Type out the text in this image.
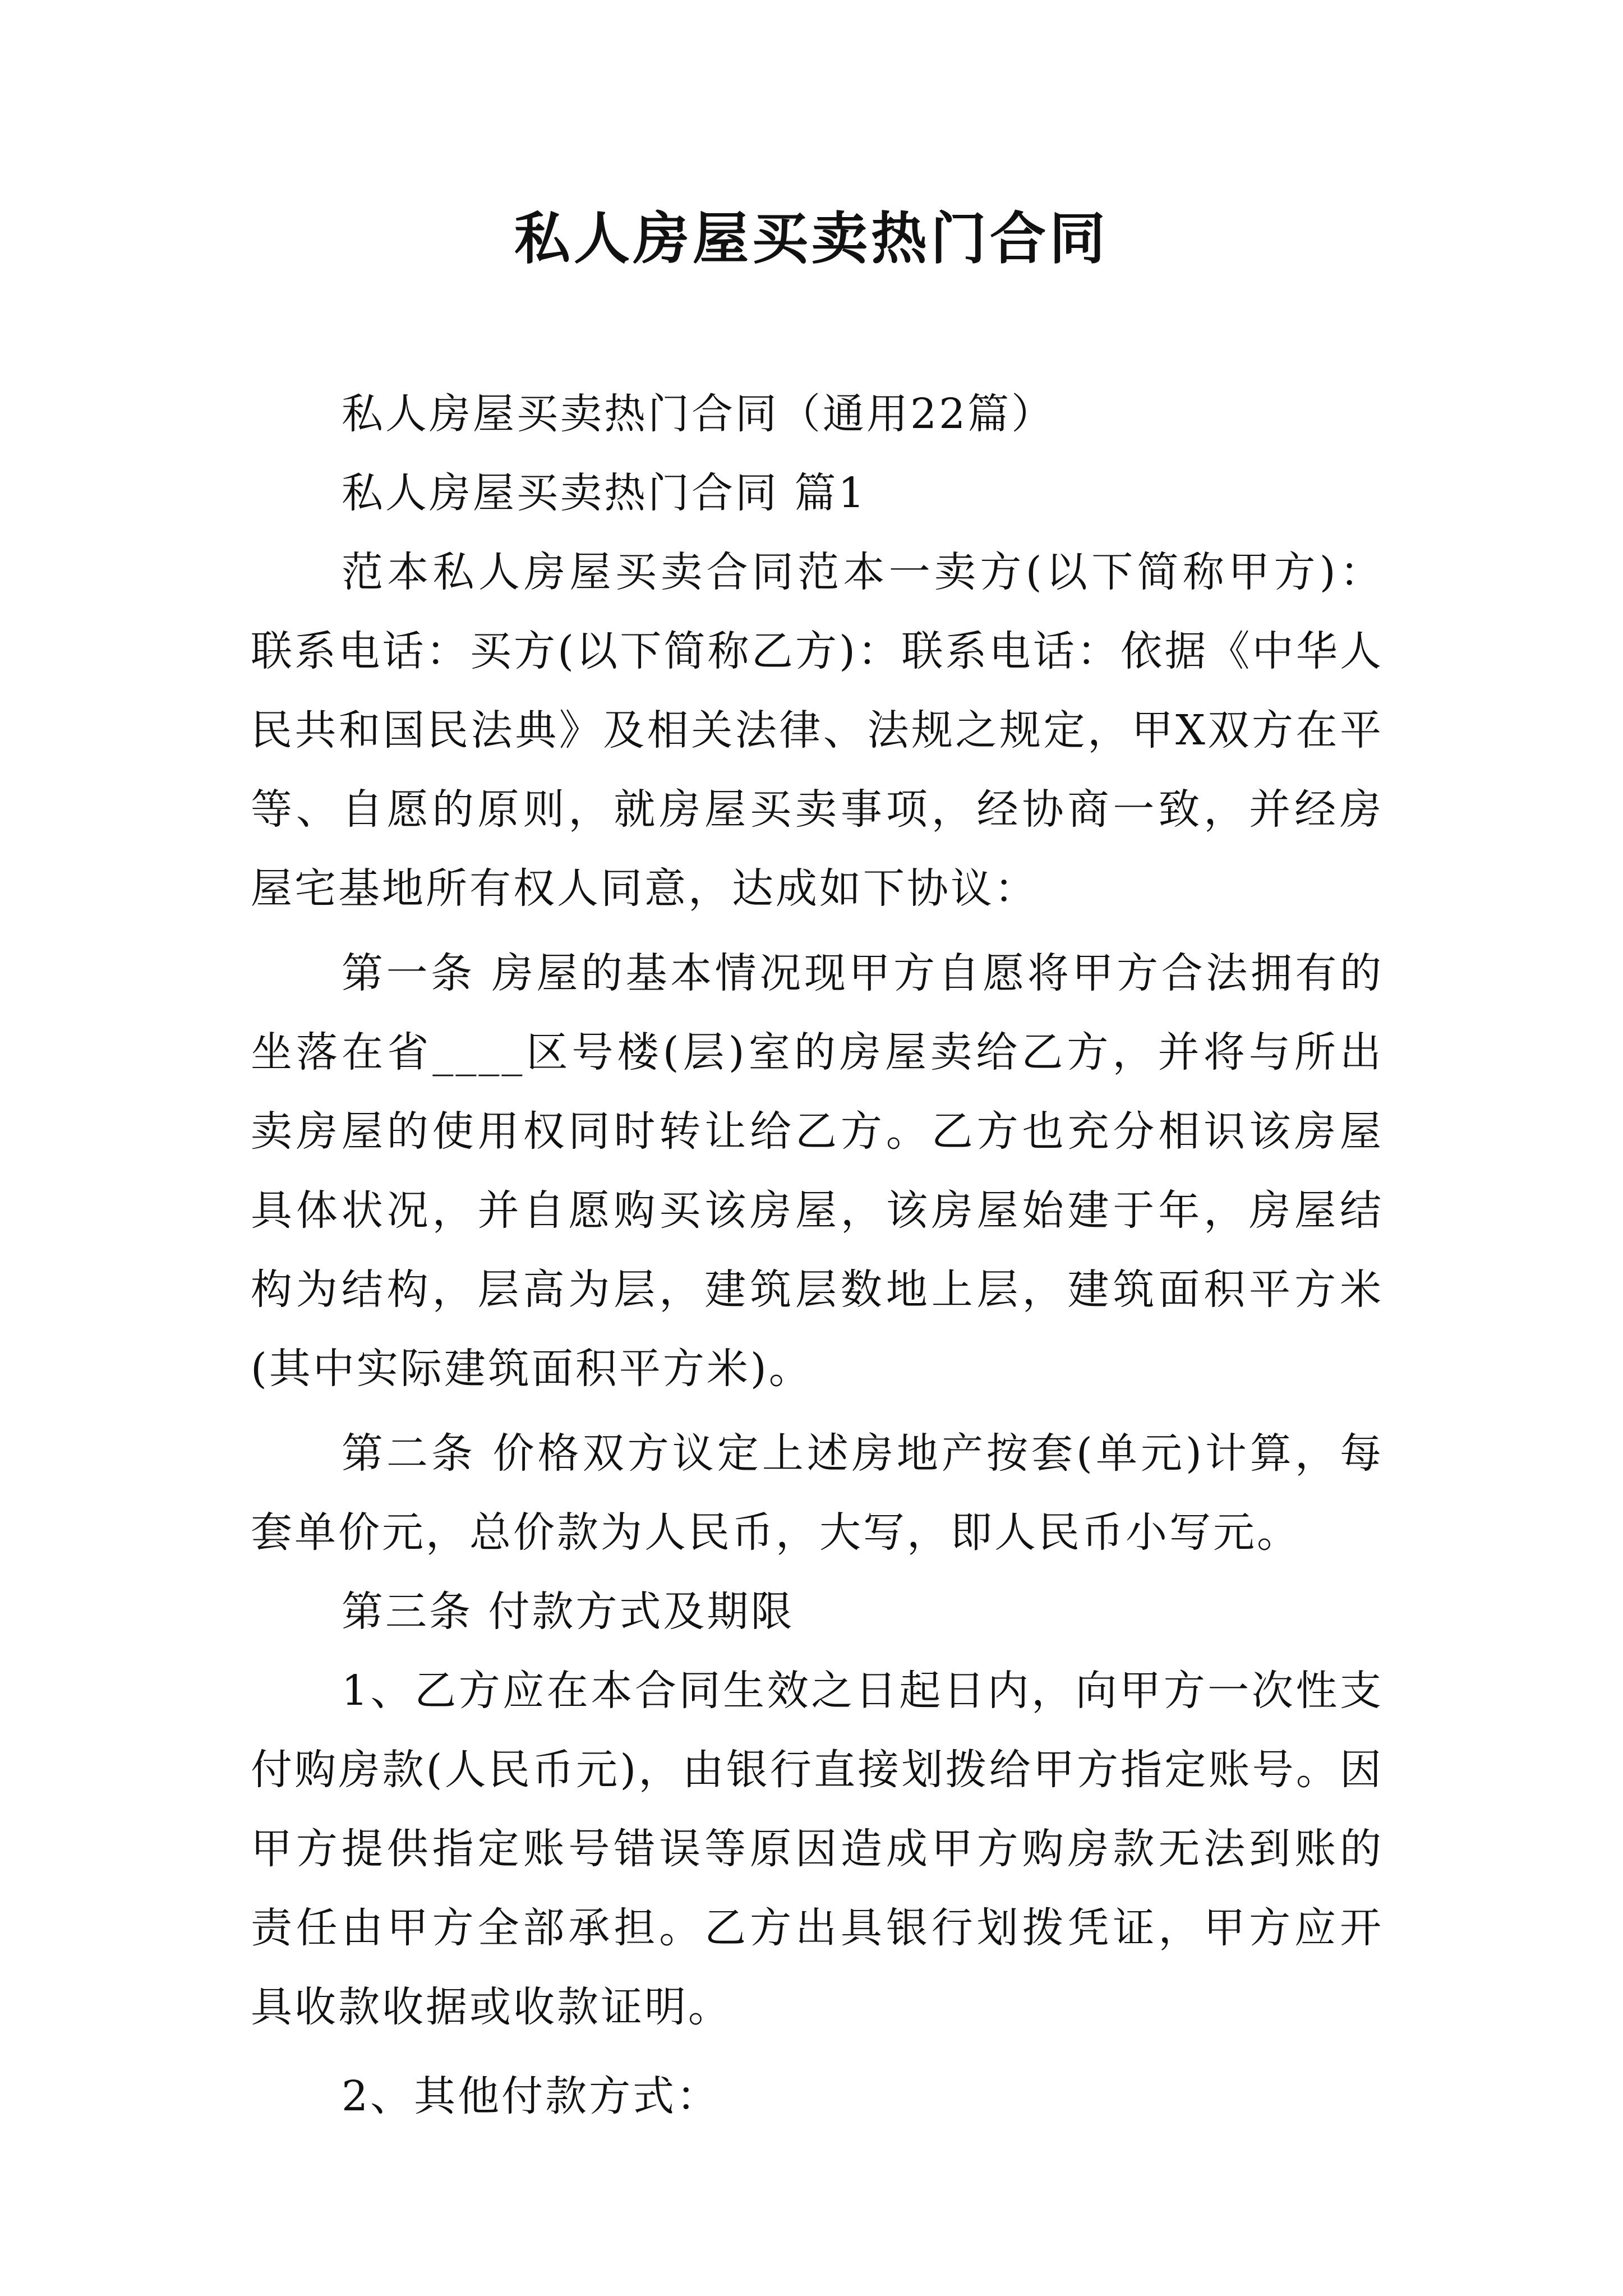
私人房屋买卖热门合同

私人房屋买卖热门合同（通用22篇）

私人房屋买卖热门合同 篇1

范本私人房屋买卖合同范本一卖方(以下简称甲方)：联系电话：买方(以下简称乙方)：联系电话：依据《中华人民共和国民法典》及相关法律、法规之规定，甲X双方在平等、自愿的原则，就房屋买卖事项，经协商一致，并经房屋宅基地所有权人同意，达成如下协议：

第一条 房屋的基本情况现甲方自愿将甲方合法拥有的坐落在省____区号楼(层)室的房屋卖给乙方，并将与所出卖房屋的使用权同时转让给乙方。乙方也充分相识该房屋具体状况，并自愿购买该房屋，该房屋始建于年，房屋结构为结构，层高为层，建筑层数地上层，建筑面积平方米(其中实际建筑面积平方米)。

第二条 价格双方议定上述房地产按套(单元)计算，每套单价元，总价款为人民币，大写，即人民币小写元。

第三条 付款方式及期限

1、乙方应在本合同生效之日起日内，向甲方一次性支付购房款(人民币元)，由银行直接划拨给甲方指定账号。因甲方提供指定账号错误等原因造成甲方购房款无法到账的责任由甲方全部承担。乙方出具银行划拨凭证，甲方应开具收款收据或收款证明。

2、其他付款方式：
